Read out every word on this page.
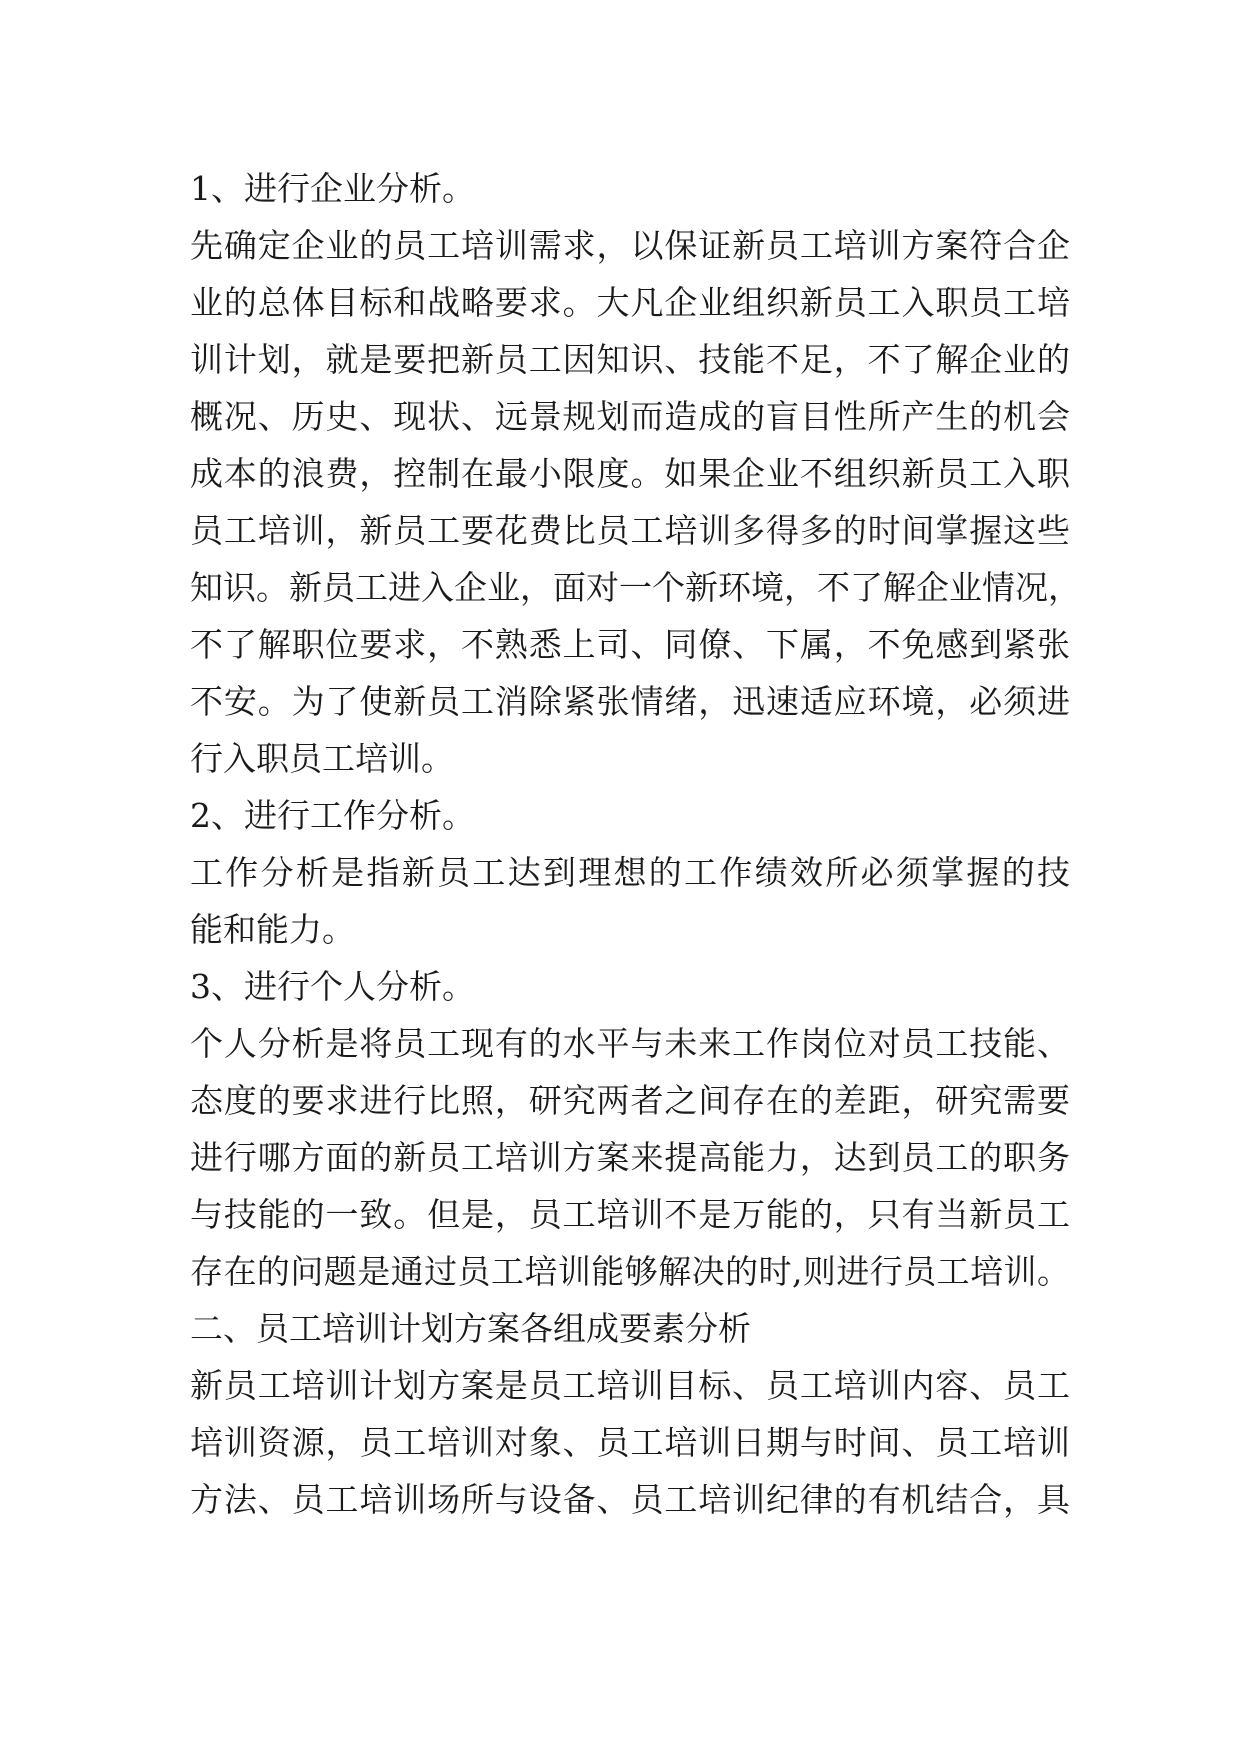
1、进行企业分析。
先确定企业的员工培训需求，以保证新员工培训方案符合企
业的总体目标和战略要求。大凡企业组织新员工入职员工培
训计划，就是要把新员工因知识、技能不足，不了解企业的
概况、历史、现状、远景规划而造成的盲目性所产生的机会
成本的浪费，控制在最小限度。如果企业不组织新员工入职
员工培训，新员工要花费比员工培训多得多的时间掌握这些
知识。新员工进入企业，面对一个新环境，不了解企业情况，
不了解职位要求，不熟悉上司、同僚、下属，不免感到紧张
不安。为了使新员工消除紧张情绪，迅速适应环境，必须进
行入职员工培训。
2、进行工作分析。
工作分析是指新员工达到理想的工作绩效所必须掌握的技
能和能力。
3、进行个人分析。
个人分析是将员工现有的水平与未来工作岗位对员工技能、
态度的要求进行比照，研究两者之间存在的差距，研究需要
进行哪方面的新员工培训方案来提高能力，达到员工的职务
与技能的一致。但是，员工培训不是万能的，只有当新员工
存在的问题是通过员工培训能够解决的时,则进行员工培训。
二、员工培训计划方案各组成要素分析
新员工培训计划方案是员工培训目标、员工培训内容、员工
培训资源，员工培训对象、员工培训日期与时间、员工培训
方法、员工培训场所与设备、员工培训纪律的有机结合，具
